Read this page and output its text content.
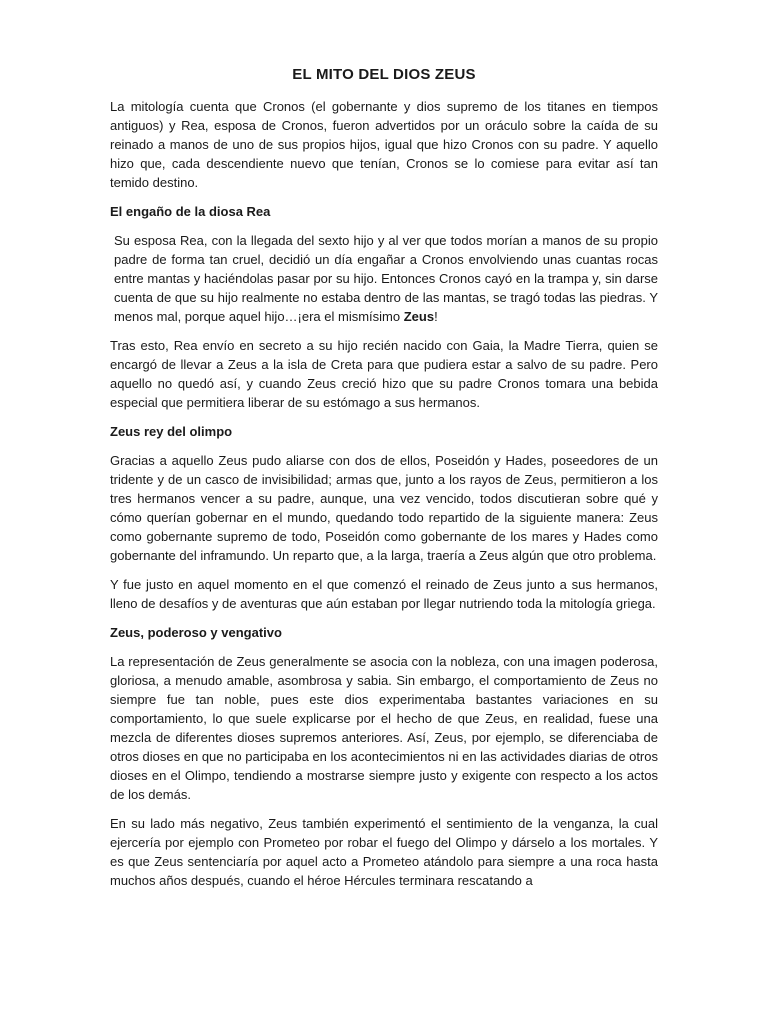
EL MITO DEL DIOS ZEUS

La mitología cuenta que Cronos (el gobernante y dios supremo de los titanes en tiempos antiguos) y Rea, esposa de Cronos, fueron advertidos por un oráculo sobre la caída de su reinado a manos de uno de sus propios hijos, igual que hizo Cronos con su padre. Y aquello hizo que, cada descendiente nuevo que tenían, Cronos se lo comiese para evitar así tan temido destino.

El engaño de la diosa Rea

Su esposa Rea, con la llegada del sexto hijo y al ver que todos morían a manos de su propio padre de forma tan cruel, decidió un día engañar a Cronos envolviendo unas cuantas rocas entre mantas y haciéndolas pasar por su hijo. Entonces Cronos cayó en la trampa y, sin darse cuenta de que su hijo realmente no estaba dentro de las mantas, se tragó todas las piedras. Y menos mal, porque aquel hijo…¡era el mismísimo Zeus!

Tras esto, Rea envío en secreto a su hijo recién nacido con Gaia, la Madre Tierra, quien se encargó de llevar a Zeus a la isla de Creta para que pudiera estar a salvo de su padre. Pero aquello no quedó así, y cuando Zeus creció hizo que su padre Cronos tomara una bebida especial que permitiera liberar de su estómago a sus hermanos.

Zeus rey del olimpo

Gracias a aquello Zeus pudo aliarse con dos de ellos, Poseidón y Hades, poseedores de un tridente y de un casco de invisibilidad; armas que, junto a los rayos de Zeus, permitieron a los tres hermanos vencer a su padre, aunque, una vez vencido, todos discutieran sobre qué y cómo querían gobernar en el mundo, quedando todo repartido de la siguiente manera: Zeus como gobernante supremo de todo, Poseidón como gobernante de los mares y Hades como gobernante del inframundo. Un reparto que, a la larga, traería a Zeus algún que otro problema.

Y fue justo en aquel momento en el que comenzó el reinado de Zeus junto a sus hermanos, lleno de desafíos y de aventuras que aún estaban por llegar nutriendo toda la mitología griega.

Zeus, poderoso y vengativo

La representación de Zeus generalmente se asocia con la nobleza, con una imagen poderosa, gloriosa, a menudo amable, asombrosa y sabia. Sin embargo, el comportamiento de Zeus no siempre fue tan noble, pues este dios experimentaba bastantes variaciones en su comportamiento, lo que suele explicarse por el hecho de que Zeus, en realidad, fuese una mezcla de diferentes dioses supremos anteriores. Así, Zeus, por ejemplo, se diferenciaba de otros dioses en que no participaba en los acontecimientos ni en las actividades diarias de otros dioses en el Olimpo, tendiendo a mostrarse siempre justo y exigente con respecto a los actos de los demás.

En su lado más negativo, Zeus también experimentó el sentimiento de la venganza, la cual ejercería por ejemplo con Prometeo por robar el fuego del Olimpo y dárselo a los mortales. Y es que Zeus sentenciaría por aquel acto a Prometeo atándolo para siempre a una roca hasta muchos años después, cuando el héroe Hércules terminara rescatando a
